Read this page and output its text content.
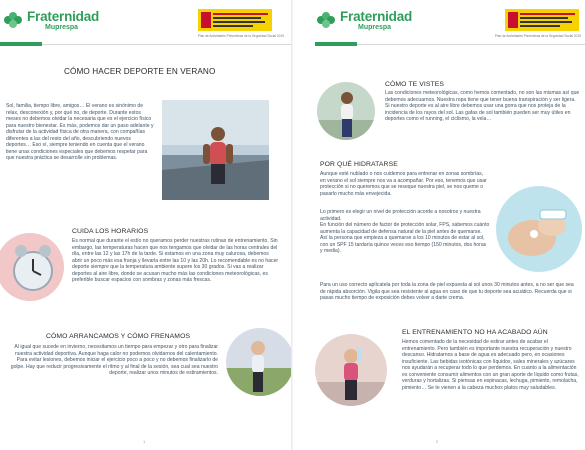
Fraternidad
Muprespa
Plan de Actividades Preventivas de la Seguridad Social 2019
CÓMO HACER DEPORTE EN VERANO

Sol, familia, tiempo libre, amigos… El verano es sinónimo de relax, desconexión y, por qué no, de deporte. Durante estos meses no debemos olvidar la necesaria que es el ejercicio físico para nuestro bienestar. Es más, podemos dar un paso adelante y disfrutar de la actividad física de otra manera, con compañías diferentes a las del resto del año, descubriendo nuevos deportes… Eso sí, siempre teniendo en cuenta que el verano tiene unas condiciones especiales que debemos respetar para que nuestra práctica se desarrolle sin problemas.

CUIDA LOS HORARIOS

Es normal que durante el estío no queramos perder nuestras rutinas de entrenamiento. Sin embargo, las temperaturas hacen que nos tengamos que olvidar de las horas centrales del día, entre las 12 y las 17h de la tarde. Si estamos en una zona muy calurosa, debemos abrir un poco más esa franja y llevarla entre las 10 y las 20h. Lo recomendable es no hacer deporte siempre que la temperatura ambiente supere los 30 grados. Si vas a realizar deportes al aire libre, donde se acusan mucho más las condiciones meteorológicas, es preferible buscar espacios con sombras y zonas más frescas.

CÓMO ARRANCAMOS Y CÓMO FRENAMOS

Al igual que sucede en invierno, necesitamos un tiempo para empezar y otro para finalizar nuestra actividad deportiva. Aunque haga calor no podemos olvidarnos del calentamiento. Para evitar lesiones, debemos iniciar el ejercicio poco a poco y no debemos finalizarlo de golpe. Hay que reducir progresivamente el ritmo y al final de la sesión, sea cual sea nuestro deporte, realizar unos minutos de estiramientos.

1
Fraternidad
Muprespa
Plan de Actividades Preventivas de la Seguridad Social 2019
CÓMO TE VISTES

Las condiciones meteorológicas, como hemos comentado, no son las mismas así que debemos adecuarnos. Nuestra ropa tiene que tener buena transpiración y ser ligera. Si nuestro deporte es al aire libre debemos usar una gorra que nos proteja de la incidencia de los rayos del sol. Las gafas de sol también pueden ser muy útiles en deportes como el running, el ciclismo, la vela…

POR QUÉ HIDRATARSE

Aunque esté nublado o nos cuidemos para entrenar en zonas sombrías, en verano el sol siempre nos va a acompañar. Por eso, tenemos que usar protección si no queremos que se reseque nuestra piel, se nos queme o pasarlo mucho más envejecida.

Lo primero es elegir un nivel de protección acorde a nosotros y nuestra actividad.

En función del número de factor de protección solar, FPS, sabemos cuánto aumenta la capacidad de defensa natural de la piel antes de quemarse. Así la persona que empieza a quemarse a los 10 minutos de estar al sol, con un SPF 15 tardaría quince veces eso tiempo (150 minutos, dos horas y media).

Para un uso correcto aplícatela por toda la zona de piel expuesta al sol unos 30 minutos antes, a no ser que sea de rápida absorción. Vigila que sea resistente al agua en caso de que tu deporte sea acuático. Recuerda que si pasas mucho tiempo de exposición debes volver a darte crema.

EL ENTRENAMIENTO NO HA ACABADO AÚN

Hemos comentado de la necesidad de estirar antes de acabar el entrenamiento. Pero también es importante nuestra recuperación y nuestro descanso. Hidratarnos a base de agua es adecuado pero, en ocasiones insuficiente. Las bebidas isotónicas con líquidos, sales minerales y azúcares nos ayudarán a recuperar todo lo que perdemos. En cuanto a la alimentación es conveniente consumir alimentos con un gran aporte de líquido como frutas, verduras y hortalizas. Si piensas en espinacas, lechuga, pimiento, remolacha, pimiento… Se te vienen a la cabeza muchos platos muy saludables.

2
